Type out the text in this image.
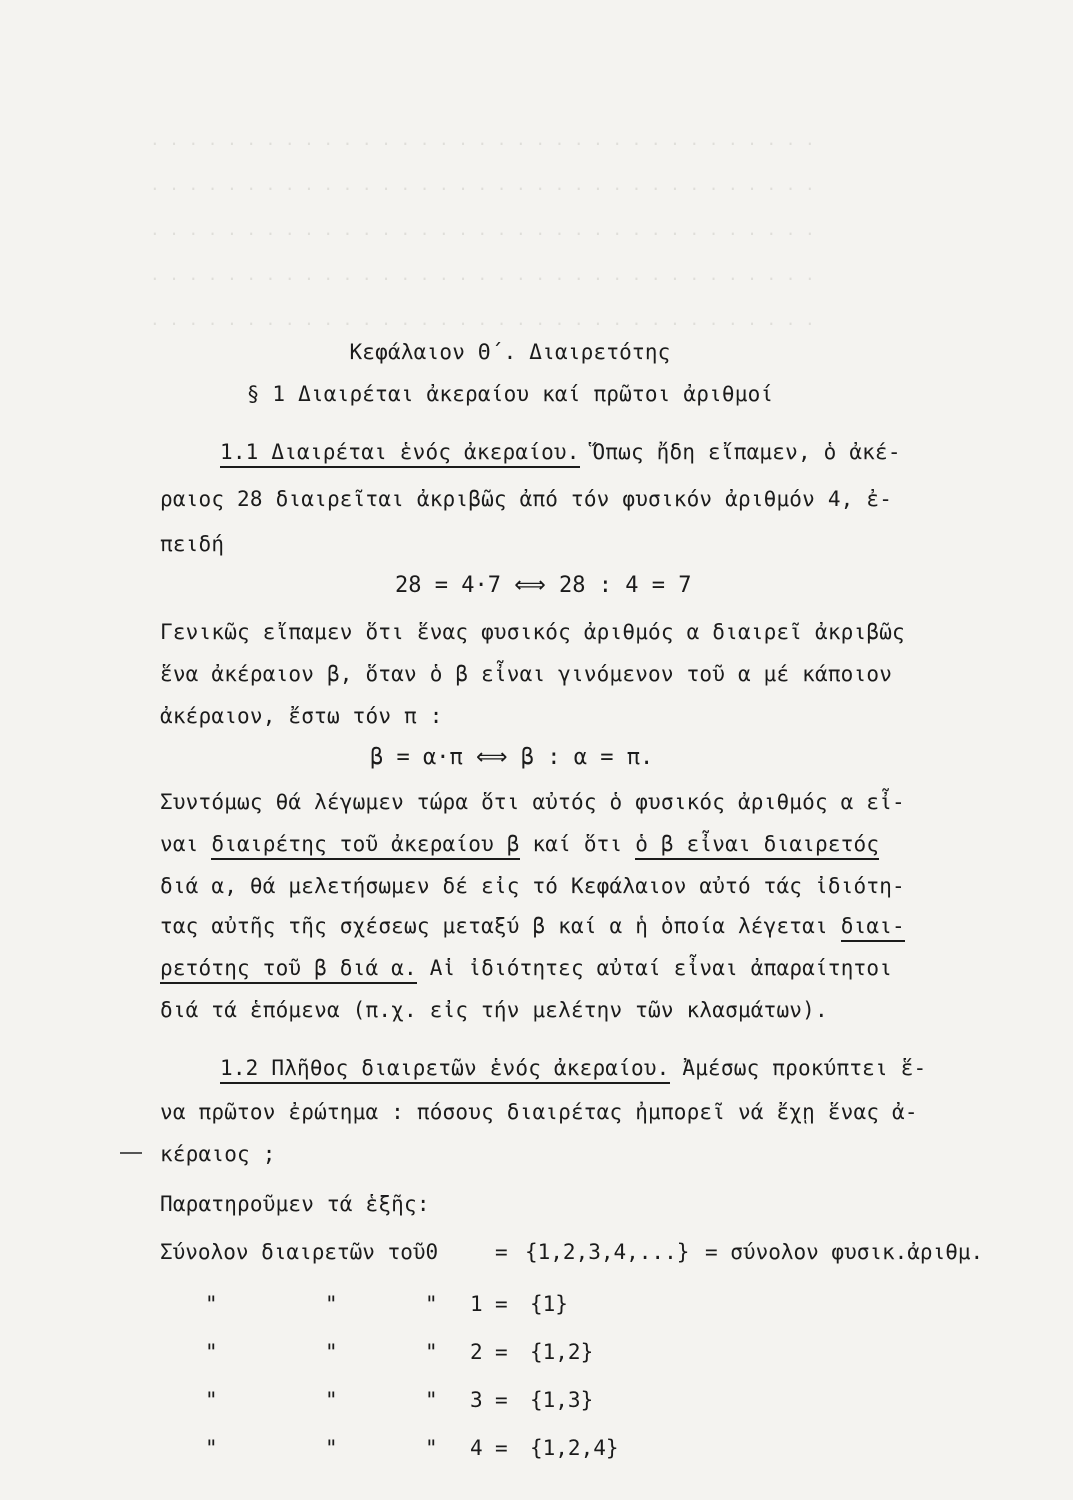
. . . . . . . . . . . . . . . . . . . . . . . . . . . . . . . . . . .
. . . . . . . . . . . . . . . . . . . . . . . . . . . . . . . . . . .
. . . . . . . . . . . . . . . . . . . . . . . . . . . . . . . . . . .
. . . . . . . . . . . . . . . . . . . . . . . . . . . . . . . . . . .
. . . . . . . . . . . . . . . . . . . . . . . . . . . . . . . . . . .
Κεφάλαιον Θ΄. Διαιρετότης
§ 1 Διαιρέται ἀκεραίου καί πρῶτοι ἀριθμοί
1.1 Διαιρέται ἑνός ἀκεραίου. Ὅπως ἤδη εἴπαμεν, ὁ ἀκέ-
ραιος 28 διαιρεῖται ἀκριβῶς ἀπό τόν φυσικόν ἀριθμόν 4, ἐ-
πειδή
28 = 4·7 ⟺ 28 : 4 = 7
Γενικῶς εἴπαμεν ὅτι ἕνας φυσικός ἀριθμός α διαιρεῖ ἀκριβῶς
ἕνα ἀκέραιον β, ὅταν ὁ β εἶναι γινόμενον τοῦ α μέ κάποιον
ἀκέραιον, ἔστω τόν π :
β = α·π ⟺ β : α = π.
Συντόμως θά λέγωμεν τώρα ὅτι αὐτός ὁ φυσικός ἀριθμός α εἶ-
ναι διαιρέτης τοῦ ἀκεραίου β καί ὅτι ὁ β εἶναι διαιρετός
διά α, θά μελετήσωμεν δέ εἰς τό Κεφάλαιον αὐτό τάς ἰδιότη-
τας αὐτῆς τῆς σχέσεως μεταξύ β καί α ἡ ὁποία λέγεται διαι-
ρετότης τοῦ β διά α. Αἱ ἰδιότητες αὐταί εἶναι ἀπαραίτητοι
διά τά ἑπόμενα (π.χ. εἰς τήν μελέτην τῶν κλασμάτων).
1.2 Πλῆθος διαιρετῶν ἑνός ἀκεραίου. Ἀμέσως προκύπτει ἕ-
να πρῶτον ἐρώτημα : πόσους διαιρέτας ἠμπορεῖ νά ἔχῃ ἕνας ἀ-
κέραιος ;
Παρατηροῦμεν τά ἑξῆς:
Σύνολον διαιρετῶν τοῦ0	= {1,2,3,4,...} = σύνολον φυσικ.ἀριθμ.
"	"	" 1 = {1}
"	"	" 2 = {1,2}
"	"	" 3 = {1,3}
"	"	" 4 = {1,2,4}
